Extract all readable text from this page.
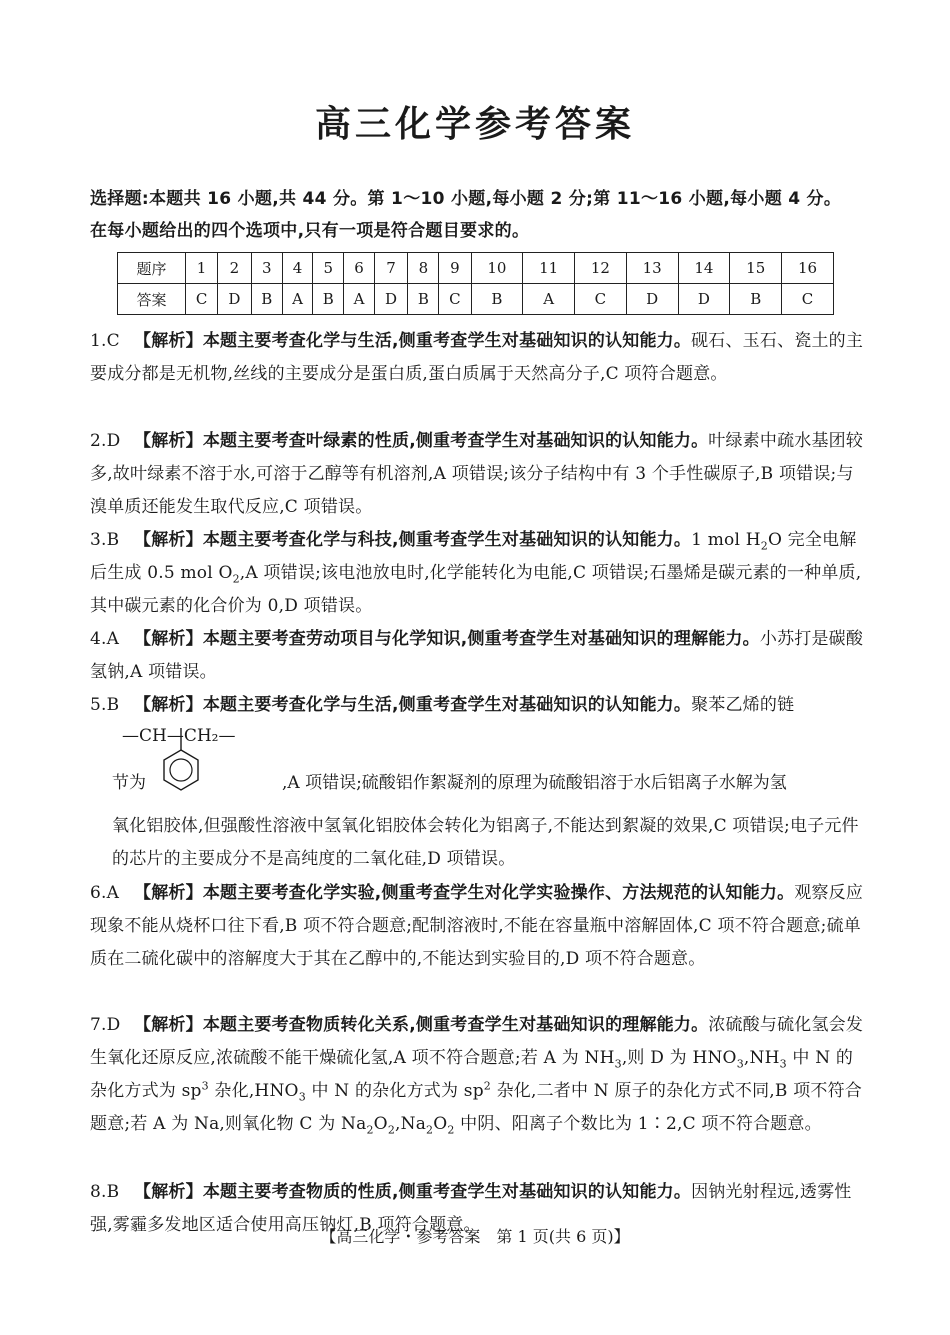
高三化学参考答案
选择题:本题共 16 小题,共 44 分。第 1～10 小题,每小题 2 分;第 11～16 小题,每小题 4 分。
在每小题给出的四个选项中,只有一项是符合题目要求的。
题序	1	2	3	4	5	6	7	8	9	10	11	12	13	14	15	16
答案	C	D	B	A	B	A	D	B	C	B	A	C	D	D	B	C
1.C 【解析】本题主要考查化学与生活,侧重考查学生对基础知识的认知能力。砚石、玉石、瓷土的主要成分都是无机物,丝线的主要成分是蛋白质,蛋白质属于天然高分子,C 项符合题意。
2.D 【解析】本题主要考查叶绿素的性质,侧重考查学生对基础知识的认知能力。叶绿素中疏水基团较多,故叶绿素不溶于水,可溶于乙醇等有机溶剂,A 项错误;该分子结构中有 3 个手性碳原子,B 项错误;与溴单质还能发生取代反应,C 项错误。
3.B 【解析】本题主要考查化学与科技,侧重考查学生对基础知识的认知能力。1 mol $H_2O$ 完全电解后生成 0.5 mol $O_2,A$ 项错误;该电池放电时,化学能转化为电能,C 项错误;石墨烯是碳元素的一种单质,其中碳元素的化合价为 0,D 项错误。
4.A 【解析】本题主要考查劳动项目与化学知识,侧重考查学生对基础知识的理解能力。小苏打是碳酸氢钠,A 项错误。
5.B 【解析】本题主要考查化学与生活,侧重考查学生对基础知识的认知能力。聚苯乙烯的链
—CH—CH₂—
节为	,A 项错误;硫酸铝作絮凝剂的原理为硫酸铝溶于水后铝离子水解为氢
氧化铝胶体,但强酸性溶液中氢氧化铝胶体会转化为铝离子,不能达到絮凝的效果,C 项错误;电子元件的芯片的主要成分不是高纯度的二氧化硅,D 项错误。
6.A 【解析】本题主要考查化学实验,侧重考查学生对化学实验操作、方法规范的认知能力。观察反应现象不能从烧杯口往下看,B 项不符合题意;配制溶液时,不能在容量瓶中溶解固体,C 项不符合题意;硫单质在二硫化碳中的溶解度大于其在乙醇中的,不能达到实验目的,D 项不符合题意。
7.D 【解析】本题主要考查物质转化关系,侧重考查学生对基础知识的理解能力。浓硫酸与硫化氢会发生氧化还原反应,浓硫酸不能干燥硫化氢,A 项不符合题意;若 A 为 $NH_3$,则 D 为 $HNO_3,NH_3$ 中 N 的杂化方式为 $sp^3$ 杂化$,HNO_3$ 中 N 的杂化方式为 $sp^2$ 杂化,二者中 N 原子的杂化方式不同,B 项不符合题意;若 A 为 Na,则氧化物 C 为 $Na_2O_2,Na_2O_2$ 中阴、阳离子个数比为 1∶2,C 项不符合题意。
8.B 【解析】本题主要考查物质的性质,侧重考查学生对基础知识的认知能力。因钠光射程远,透雾性强,雾霾多发地区适合使用高压钠灯,B 项符合题意。
【高三化学・参考答案　第 1 页(共 6 页)】
